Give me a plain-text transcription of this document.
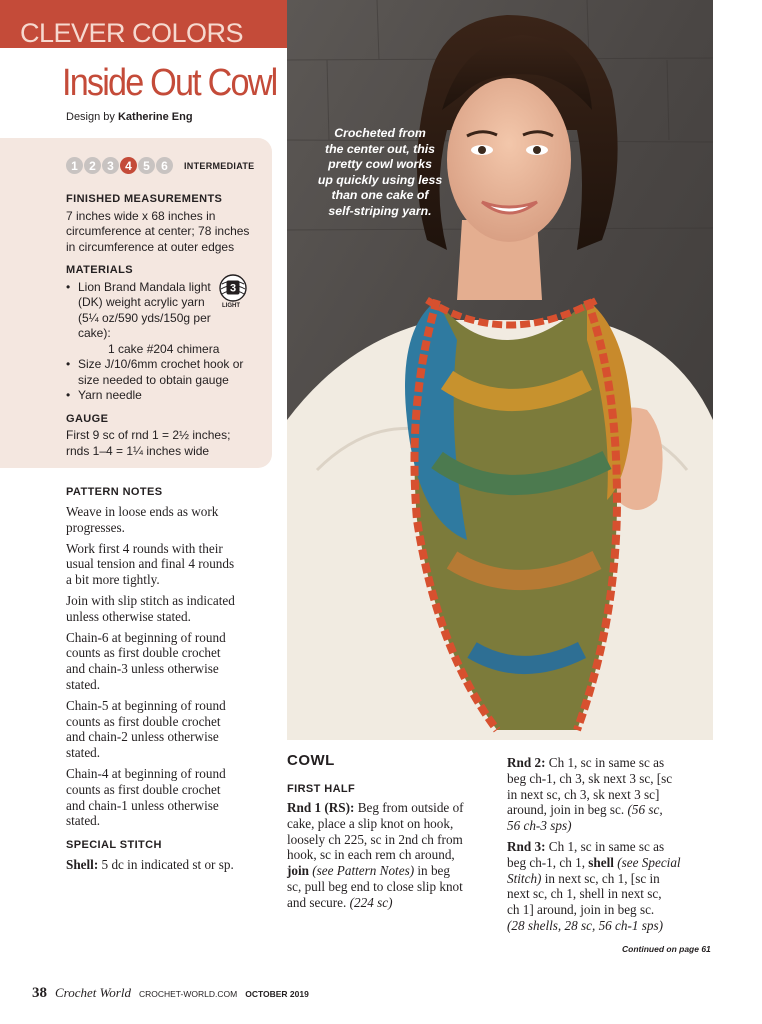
CLEVER COLORS
Inside Out Cowl
Design by Katherine Eng
1 2 3 4 5 6	INTERMEDIATE
FINISHED MEASUREMENTS
7 inches wide x 68 inches in
circumference at center; 78 inches
in circumference at outer edges
MATERIALS
• Lion Brand Mandala light
(DK) weight acrylic yarn
(5¼ oz/590 yds/150g per
cake):
1 cake #204 chimera
• Size J/10/6mm crochet hook or
size needed to obtain gauge
• Yarn needle
GAUGE
First 9 sc of rnd 1 = 2½ inches;
rnds 1–4 = 1¼ inches wide
3
LIGHT
PATTERN NOTES
Weave in loose ends as work
progresses.
Work first 4 rounds with their
usual tension and final 4 rounds
a bit more tightly.
Join with slip stitch as indicated
unless otherwise stated.
Chain-6 at beginning of round
counts as first double crochet
and chain-3 unless otherwise
stated.
Chain-5 at beginning of round
counts as first double crochet
and chain-2 unless otherwise
stated.
Chain-4 at beginning of round
counts as first double crochet
and chain-1 unless otherwise
stated.
SPECIAL STITCH
Shell: 5 dc in indicated st or sp.
Crocheted from
the center out, this
pretty cowl works
up quickly using less
than one cake of
self-striping yarn.
COWL
FIRST HALF
Rnd 1 (RS): Beg from outside of
cake, place a slip knot on hook,
loosely ch 225, sc in 2nd ch from
hook, sc in each rem ch around,
join (see Pattern Notes) in beg
sc, pull beg end to close slip knot
and secure. (224 sc)
Rnd 2: Ch 1, sc in same sc as
beg ch-1, ch 3, sk next 3 sc, [sc
in next sc, ch 3, sk next 3 sc]
around, join in beg sc. (56 sc,
56 ch-3 sps)
Rnd 3: Ch 1, sc in same sc as
beg ch-1, ch 1, shell (see Special
Stitch) in next sc, ch 1, [sc in
next sc, ch 1, shell in next sc,
ch 1] around, join in beg sc.
(28 shells, 28 sc, 56 ch-1 sps)
Continued on page 61
38 Crochet World CROCHET-WORLD.COM OCTOBER 2019
